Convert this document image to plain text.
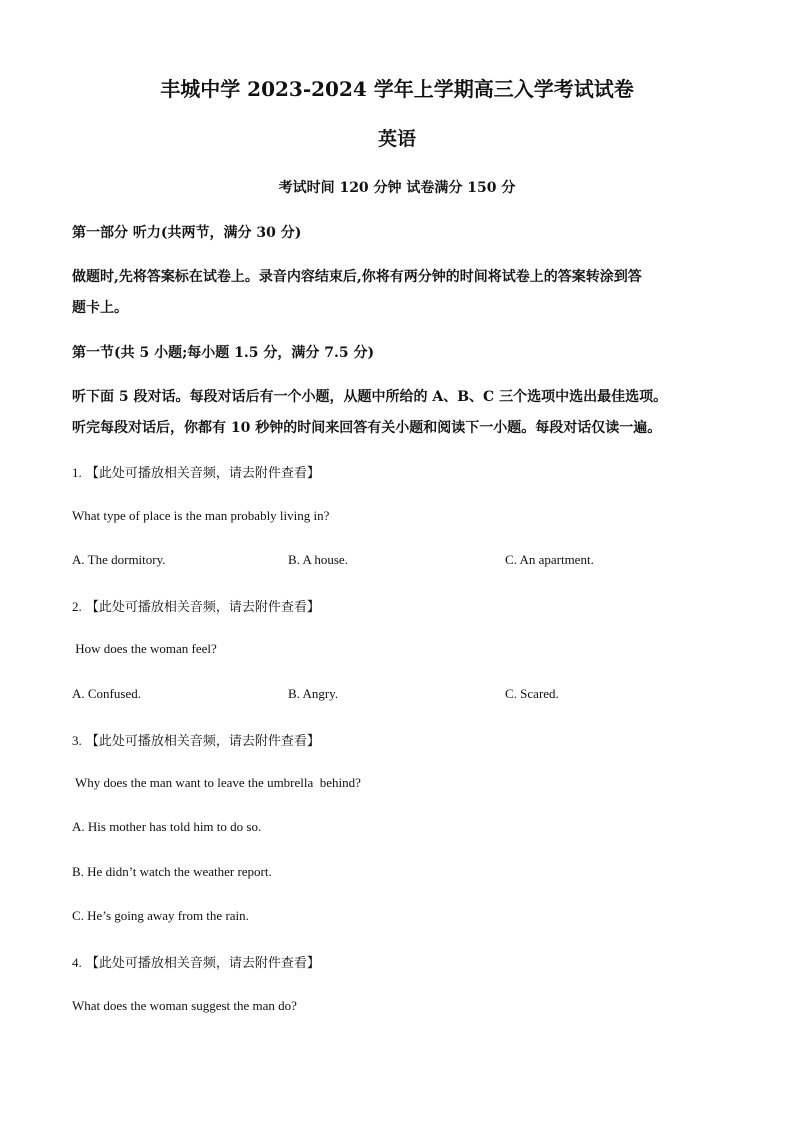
丰城中学 2023-2024 学年上学期高三入学考试试卷
英语
考试时间 120 分钟 试卷满分 150 分
第一部分 听力(共两节，满分 30 分)
做题时,先将答案标在试卷上。录音内容结束后,你将有两分钟的时间将试卷上的答案转涂到答
题卡上。
第一节(共 5 小题;每小题 1.5 分，满分 7.5 分)
听下面 5 段对话。每段对话后有一个小题，从题中所给的 A、B、C 三个选项中选出最佳选项。
听完每段对话后，你都有 10 秒钟的时间来回答有关小题和阅读下一小题。每段对话仅读一遍。
1. 【此处可播放相关音频，请去附件查看】
What type of place is the man probably living in?
A. The dormitory.	B. A house.	C. An apartment.
2. 【此处可播放相关音频，请去附件查看】
How does the woman feel?
A. Confused.	B. Angry.	C. Scared.
3. 【此处可播放相关音频，请去附件查看】
Why does the man want to leave the umbrella  behind?
A. His mother has told him to do so.
B. He didn’t watch the weather report.
C. He’s going away from the rain.
4. 【此处可播放相关音频，请去附件查看】
What does the woman suggest the man do?
